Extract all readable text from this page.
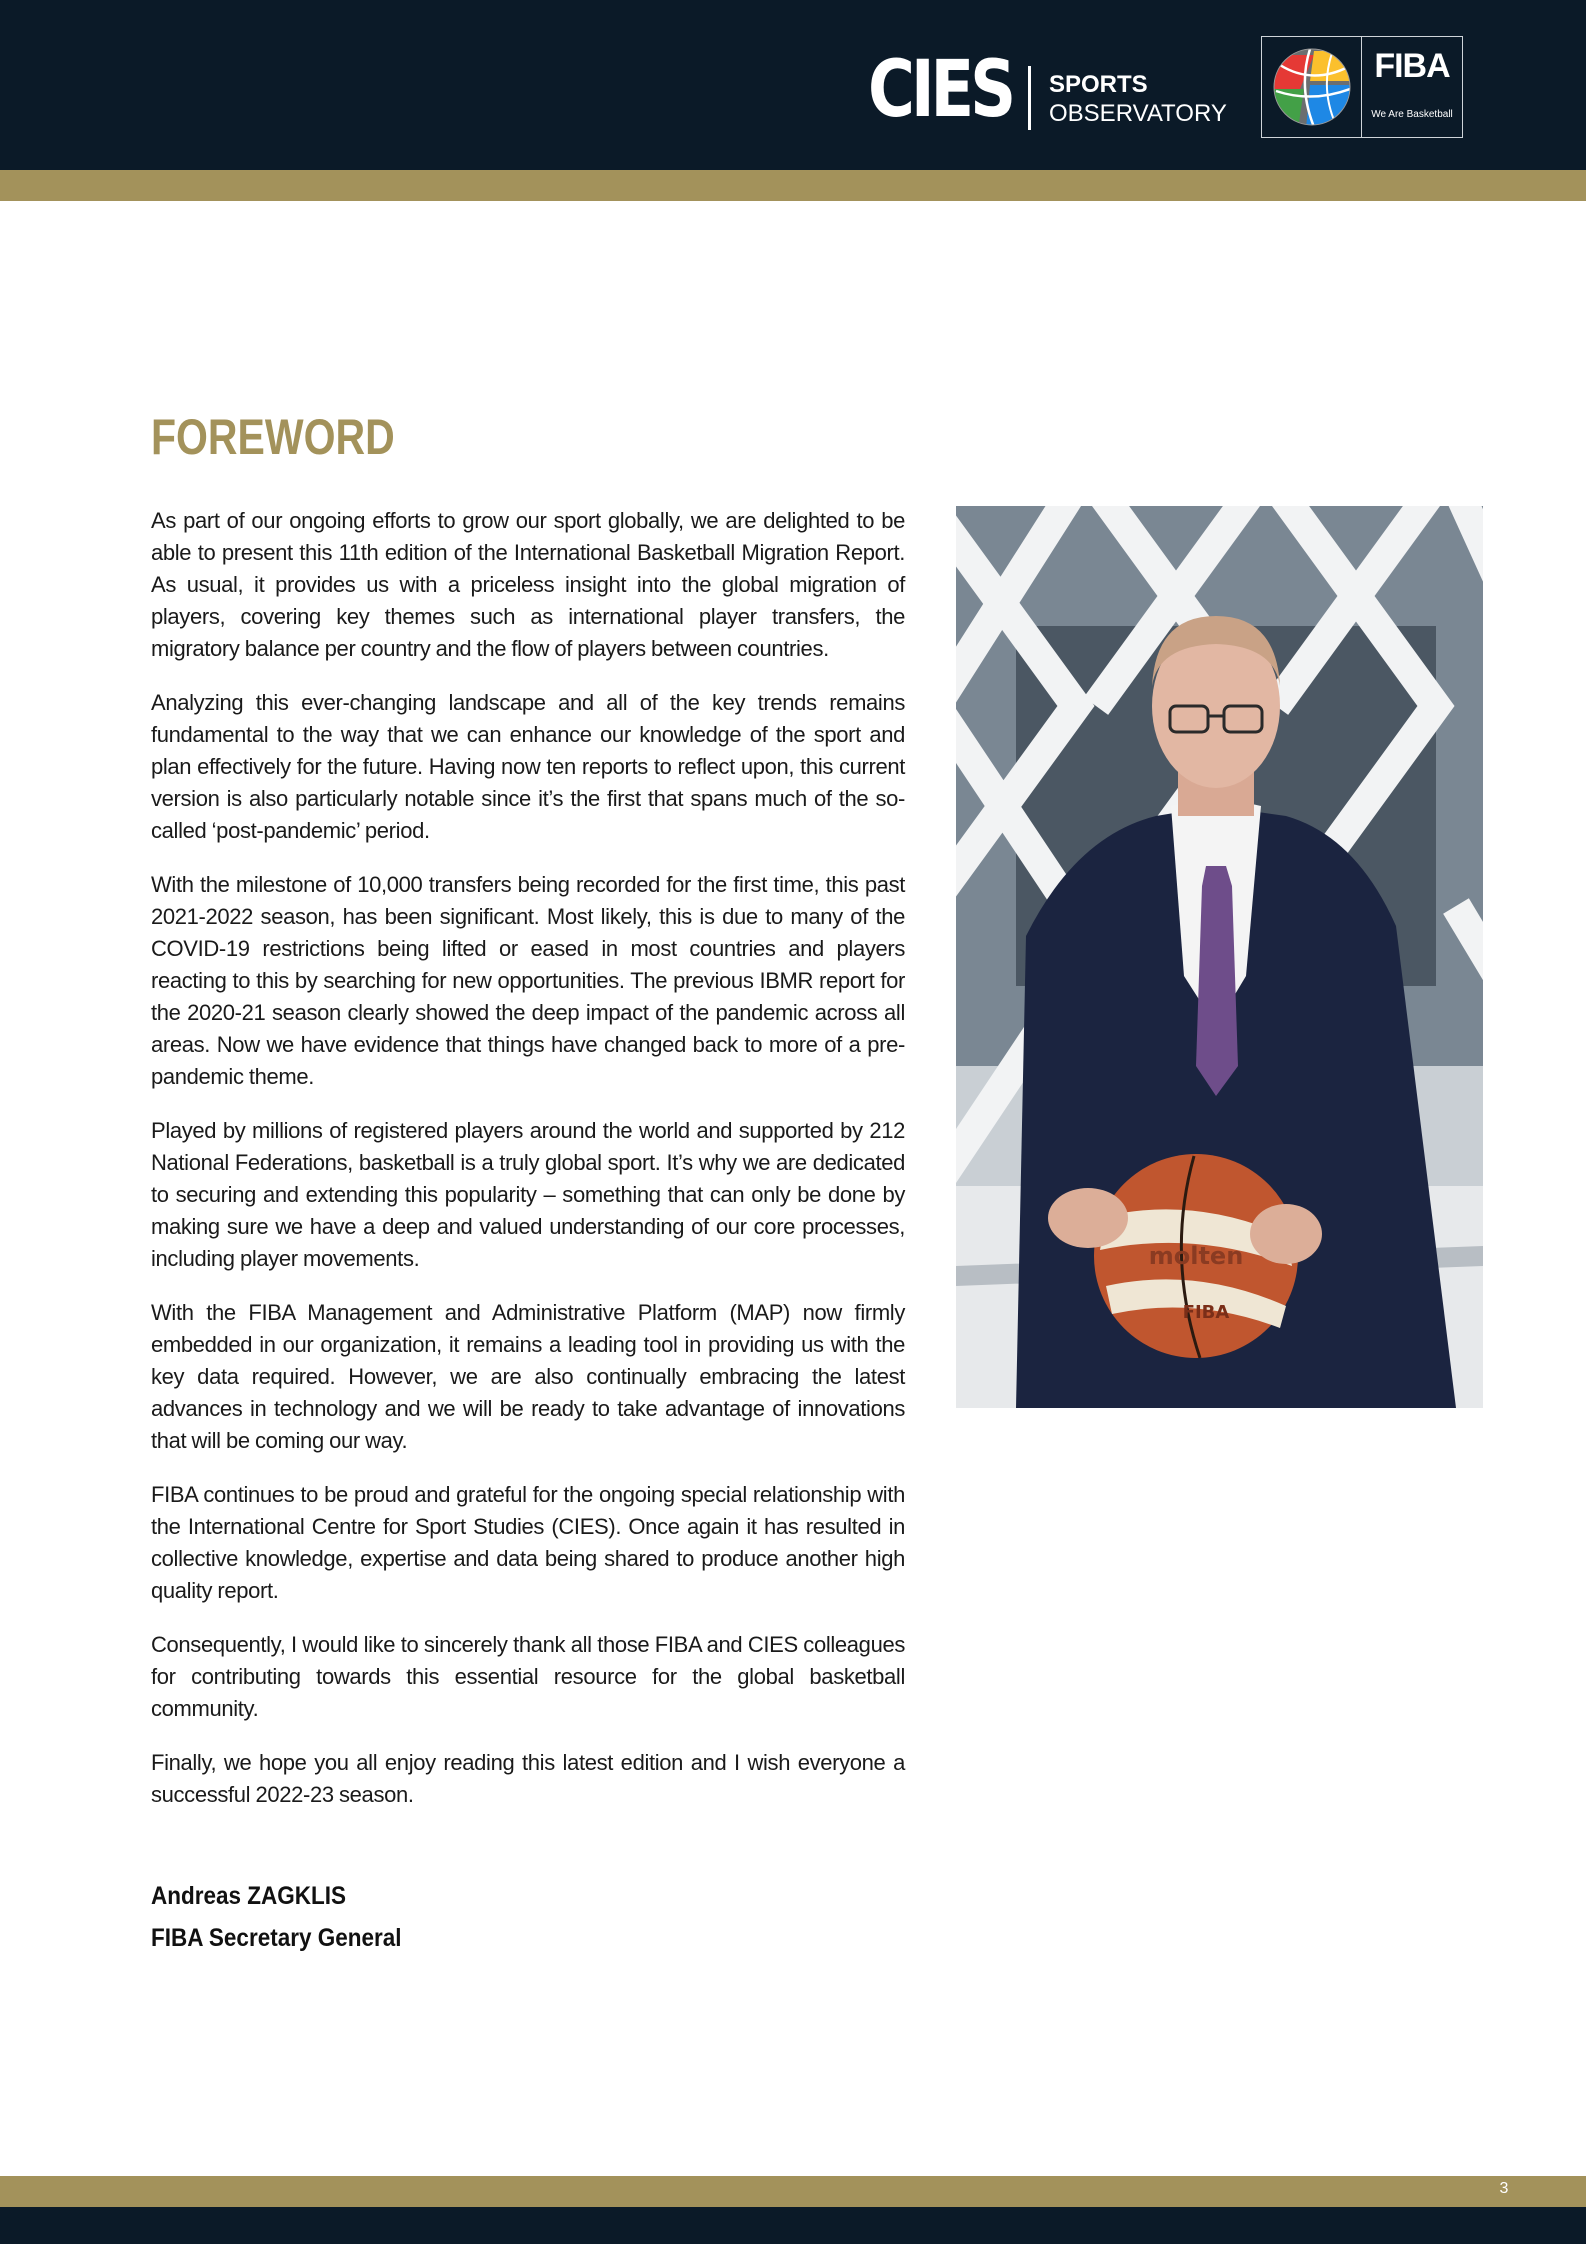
CIES SPORTS
OBSERVATORY
FIBA
We Are Basketball
FOREWORD

As part of our ongoing efforts to grow our sport globally, we are delighted to be able to present this 11th edition of the International Basketball Migration Report. As usual, it provides us with a priceless insight into the global migration of players, covering key themes such as international player transfers, the migratory balance per country and the flow of players between countries.

Analyzing this ever-changing landscape and all of the key trends remains fundamental to the way that we can enhance our knowledge of the sport and plan effectively for the future. Having now ten reports to reflect upon, this current version is also particularly notable since it’s the first that spans much of the so-called ‘post-pandemic’ period.

With the milestone of 10,000 transfers being recorded for the first time, this past 2021-2022 season, has been significant. Most likely, this is due to many of the COVID-19 restrictions being lifted or eased in most countries and players reacting to this by searching for new opportunities. The previous IBMR report for the 2020-21 season clearly showed the deep impact of the pandemic across all areas. Now we have evidence that things have changed back to more of a pre-pandemic theme.

Played by millions of registered players around the world and supported by 212 National Federations, basketball is a truly global sport. It’s why we are dedicated to securing and extending this popularity – something that can only be done by making sure we have a deep and valued understanding of our core processes, including player movements.

With the FIBA Management and Administrative Platform (MAP) now firmly embedded in our organization, it remains a leading tool in providing us with the key data required. However, we are also continually embracing the latest advances in technology and we will be ready to take advantage of innovations that will be coming our way.

FIBA continues to be proud and grateful for the ongoing special relationship with the International Centre for Sport Studies (CIES). Once again it has resulted in collective knowledge, expertise and data being shared to produce another high quality report.

Consequently, I would like to sincerely thank all those FIBA and CIES colleagues for contributing towards this essential resource for the global basketball community.

Finally, we hope you all enjoy reading this latest edition and I wish everyone a successful 2022-23 season.

Andreas ZAGKLIS
FIBA Secretary General
molten
FIBA
3
